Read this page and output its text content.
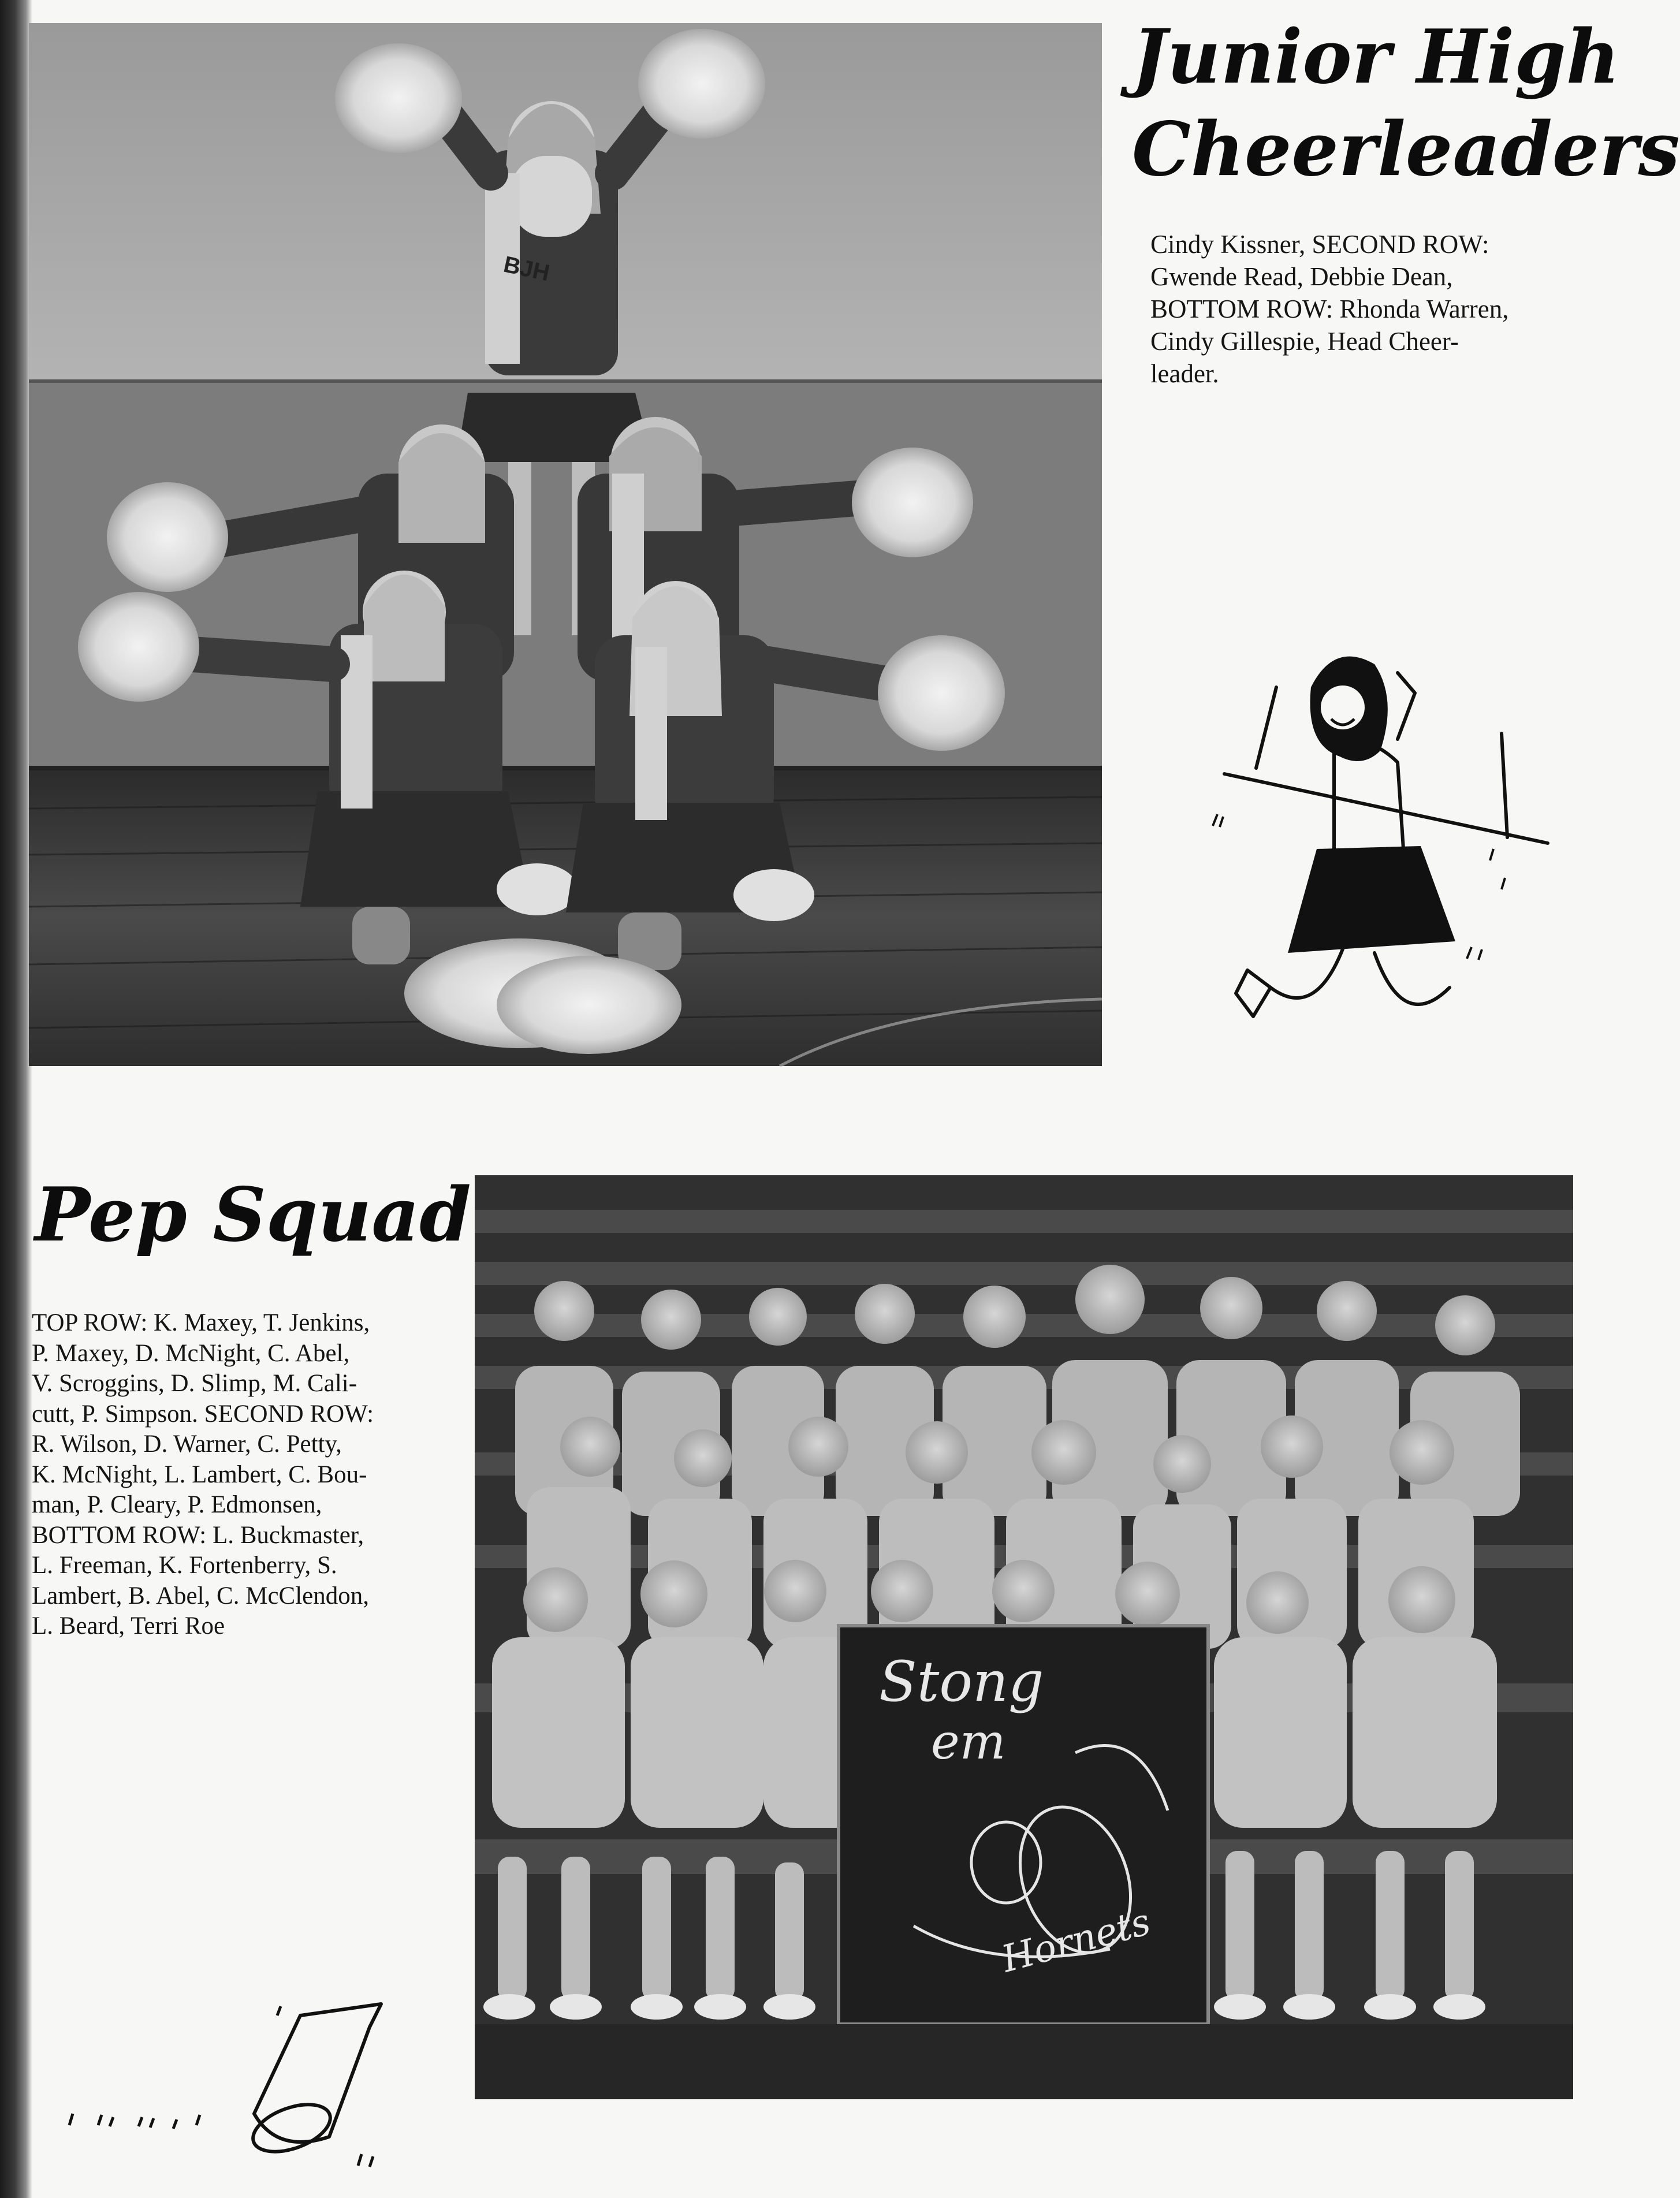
BJH
Junior High
Cheerleaders

Cindy Kissner, SECOND ROW:

Gwende Read, Debbie Dean,

BOTTOM ROW: Rhonda Warren,

Cindy Gillespie, Head Cheer-

leader.

Pep Squad

TOP ROW: K. Maxey, T. Jenkins,

P. Maxey, D. McNight, C. Abel,

V. Scroggins, D. Slimp, M. Cali-

cutt, P. Simpson. SECOND ROW:

R. Wilson, D. Warner, C. Petty,

K. McNight, L. Lambert, C. Bou-

man, P. Cleary, P. Edmonsen,

BOTTOM ROW: L. Buckmaster,

L. Freeman, K. Fortenberry, S.

Lambert, B. Abel, C. McClendon,

L. Beard, Terri Roe

Stong
em
Hornets
